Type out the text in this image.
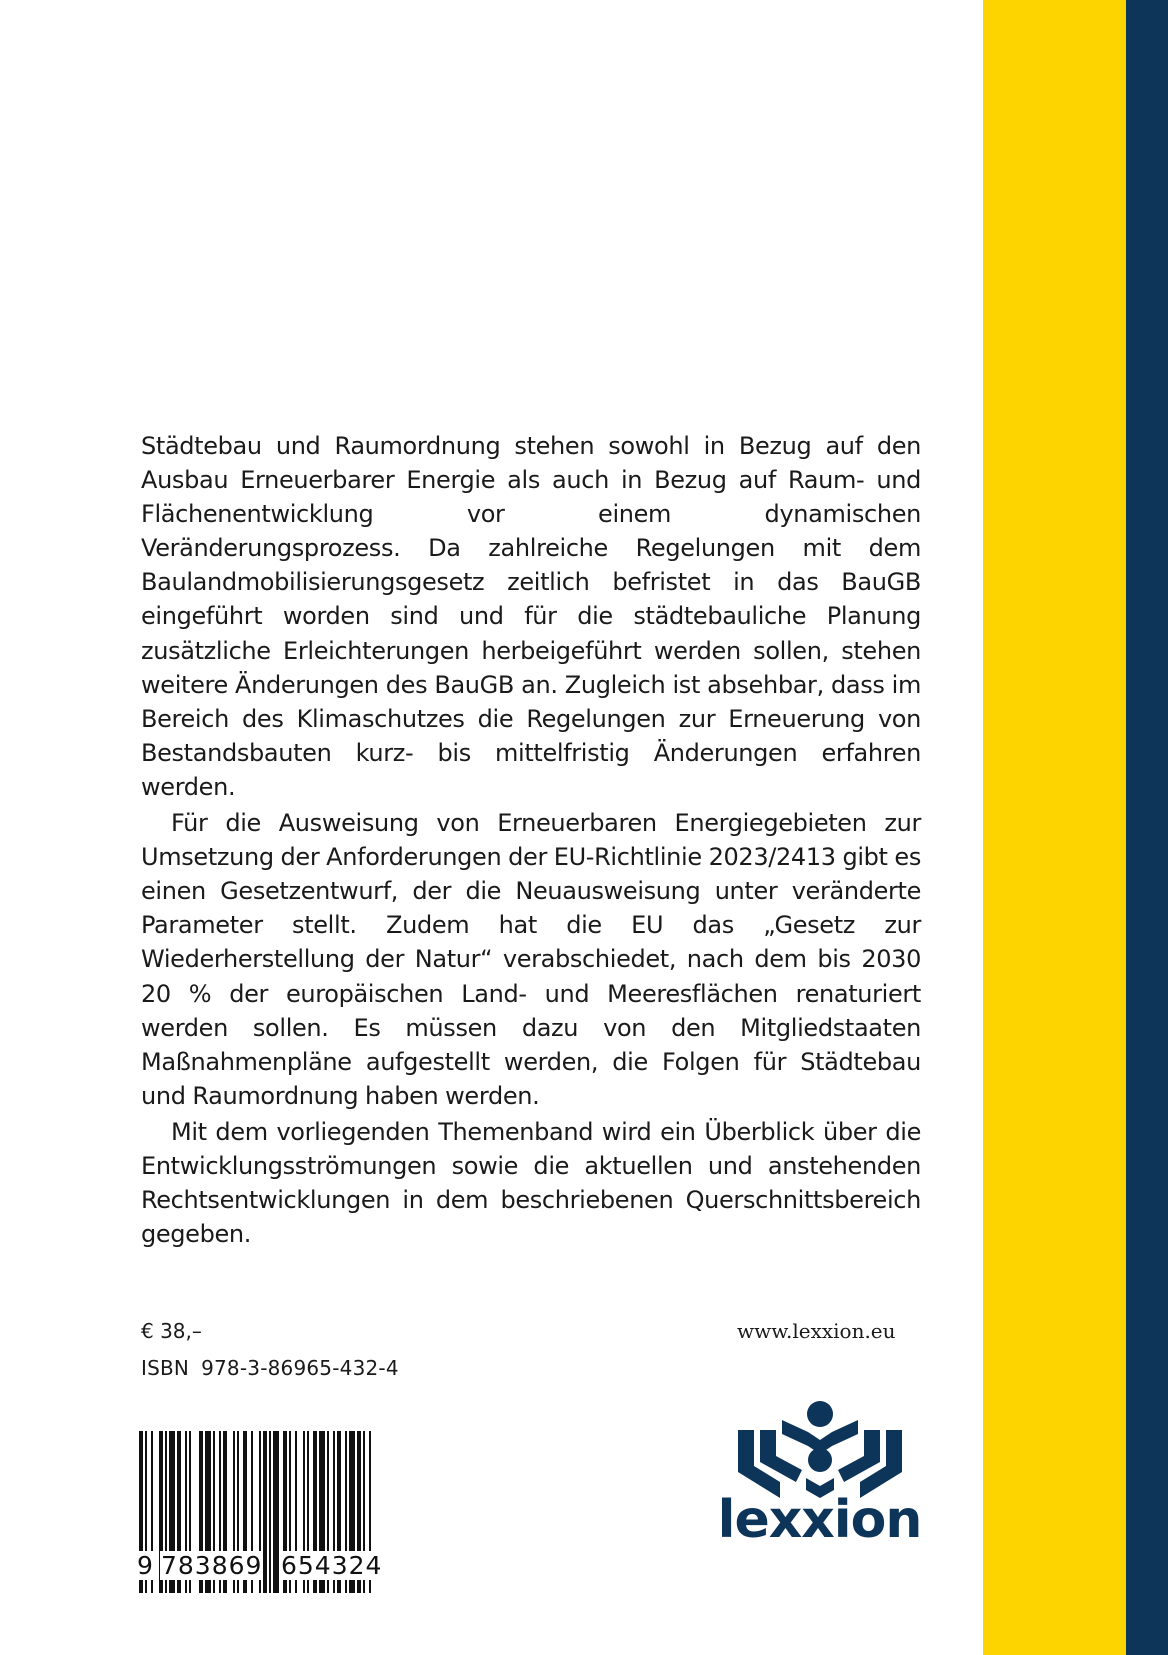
Städtebau und Raumordnung stehen sowohl in Bezug auf den Ausbau Erneuerbarer Energie als auch in Bezug auf Raum- und Flächenentwicklung vor einem dynamischen Veränderungsprozess. Da zahlreiche Regelungen mit dem Baulandmobilisierungsgesetz zeitlich befristet in das BauGB eingeführt worden sind und für die städtebauliche Planung zusätzliche Erleichterungen herbeigeführt werden sollen, stehen weitere Änderungen des BauGB an. Zugleich ist absehbar, dass im Bereich des Klimaschutzes die Regelungen zur Erneuerung von Bestandsbauten kurz- bis mittelfristig Änderungen erfahren werden.

Für die Ausweisung von Erneuerbaren Energiegebieten zur Umsetzung der Anforderungen der EU-Richtlinie 2023/2413 gibt es einen Gesetzentwurf, der die Neuausweisung unter veränderte Parameter stellt. Zudem hat die EU das „Gesetz zur Wiederherstellung der Natur“ verabschiedet, nach dem bis 2030 20 % der europäischen Land- und Meeresflächen renaturiert werden sollen. Es müssen dazu von den Mitgliedstaaten Maßnahmenpläne aufgestellt werden, die Folgen für Städtebau und Raumordnung haben werden.

Mit dem vorliegenden Themenband wird ein Überblick über die Entwicklungsströmungen sowie die aktuellen und anstehenden Rechtsentwicklungen in dem beschriebenen Querschnittsbereich gegeben.

€ 38,–
ISBN 978-3-86965-432-4
www.lexxion.eu
9 783869 654324
lexxion
